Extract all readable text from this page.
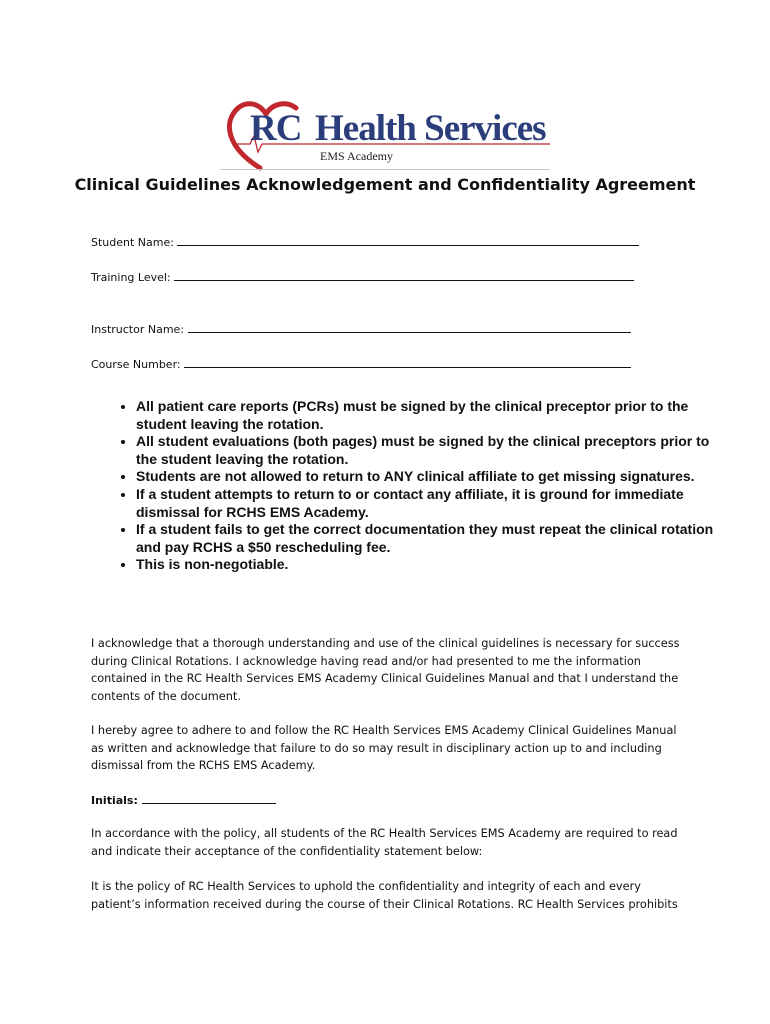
RC Health Services
EMS Academy
Clinical Guidelines Acknowledgement and Confidentiality Agreement
Student Name:
Training Level:
Instructor Name:
Course Number:
• All patient care reports (PCRs) must be signed by the clinical preceptor prior to the student leaving the rotation.
• All student evaluations (both pages) must be signed by the clinical preceptors prior to the student leaving the rotation.
• Students are not allowed to return to ANY clinical affiliate to get missing signatures.
• If a student attempts to return to or contact any affiliate, it is ground for immediate dismissal for RCHS EMS Academy.
• If a student fails to get the correct documentation they must repeat the clinical rotation and pay RCHS a $50 rescheduling fee.
• This is non-negotiable.

I acknowledge that a thorough understanding and use of the clinical guidelines is necessary for success during Clinical Rotations. I acknowledge having read and/or had presented to me the information contained in the RC Health Services EMS Academy Clinical Guidelines Manual and that I understand the contents of the document.

I hereby agree to adhere to and follow the RC Health Services EMS Academy Clinical Guidelines Manual as written and acknowledge that failure to do so may result in disciplinary action up to and including dismissal from the RCHS EMS Academy.

Initials:

In accordance with the policy, all students of the RC Health Services EMS Academy are required to read and indicate their acceptance of the confidentiality statement below:

It is the policy of RC Health Services to uphold the confidentiality and integrity of each and every patient’s information received during the course of their Clinical Rotations. RC Health Services prohibits
